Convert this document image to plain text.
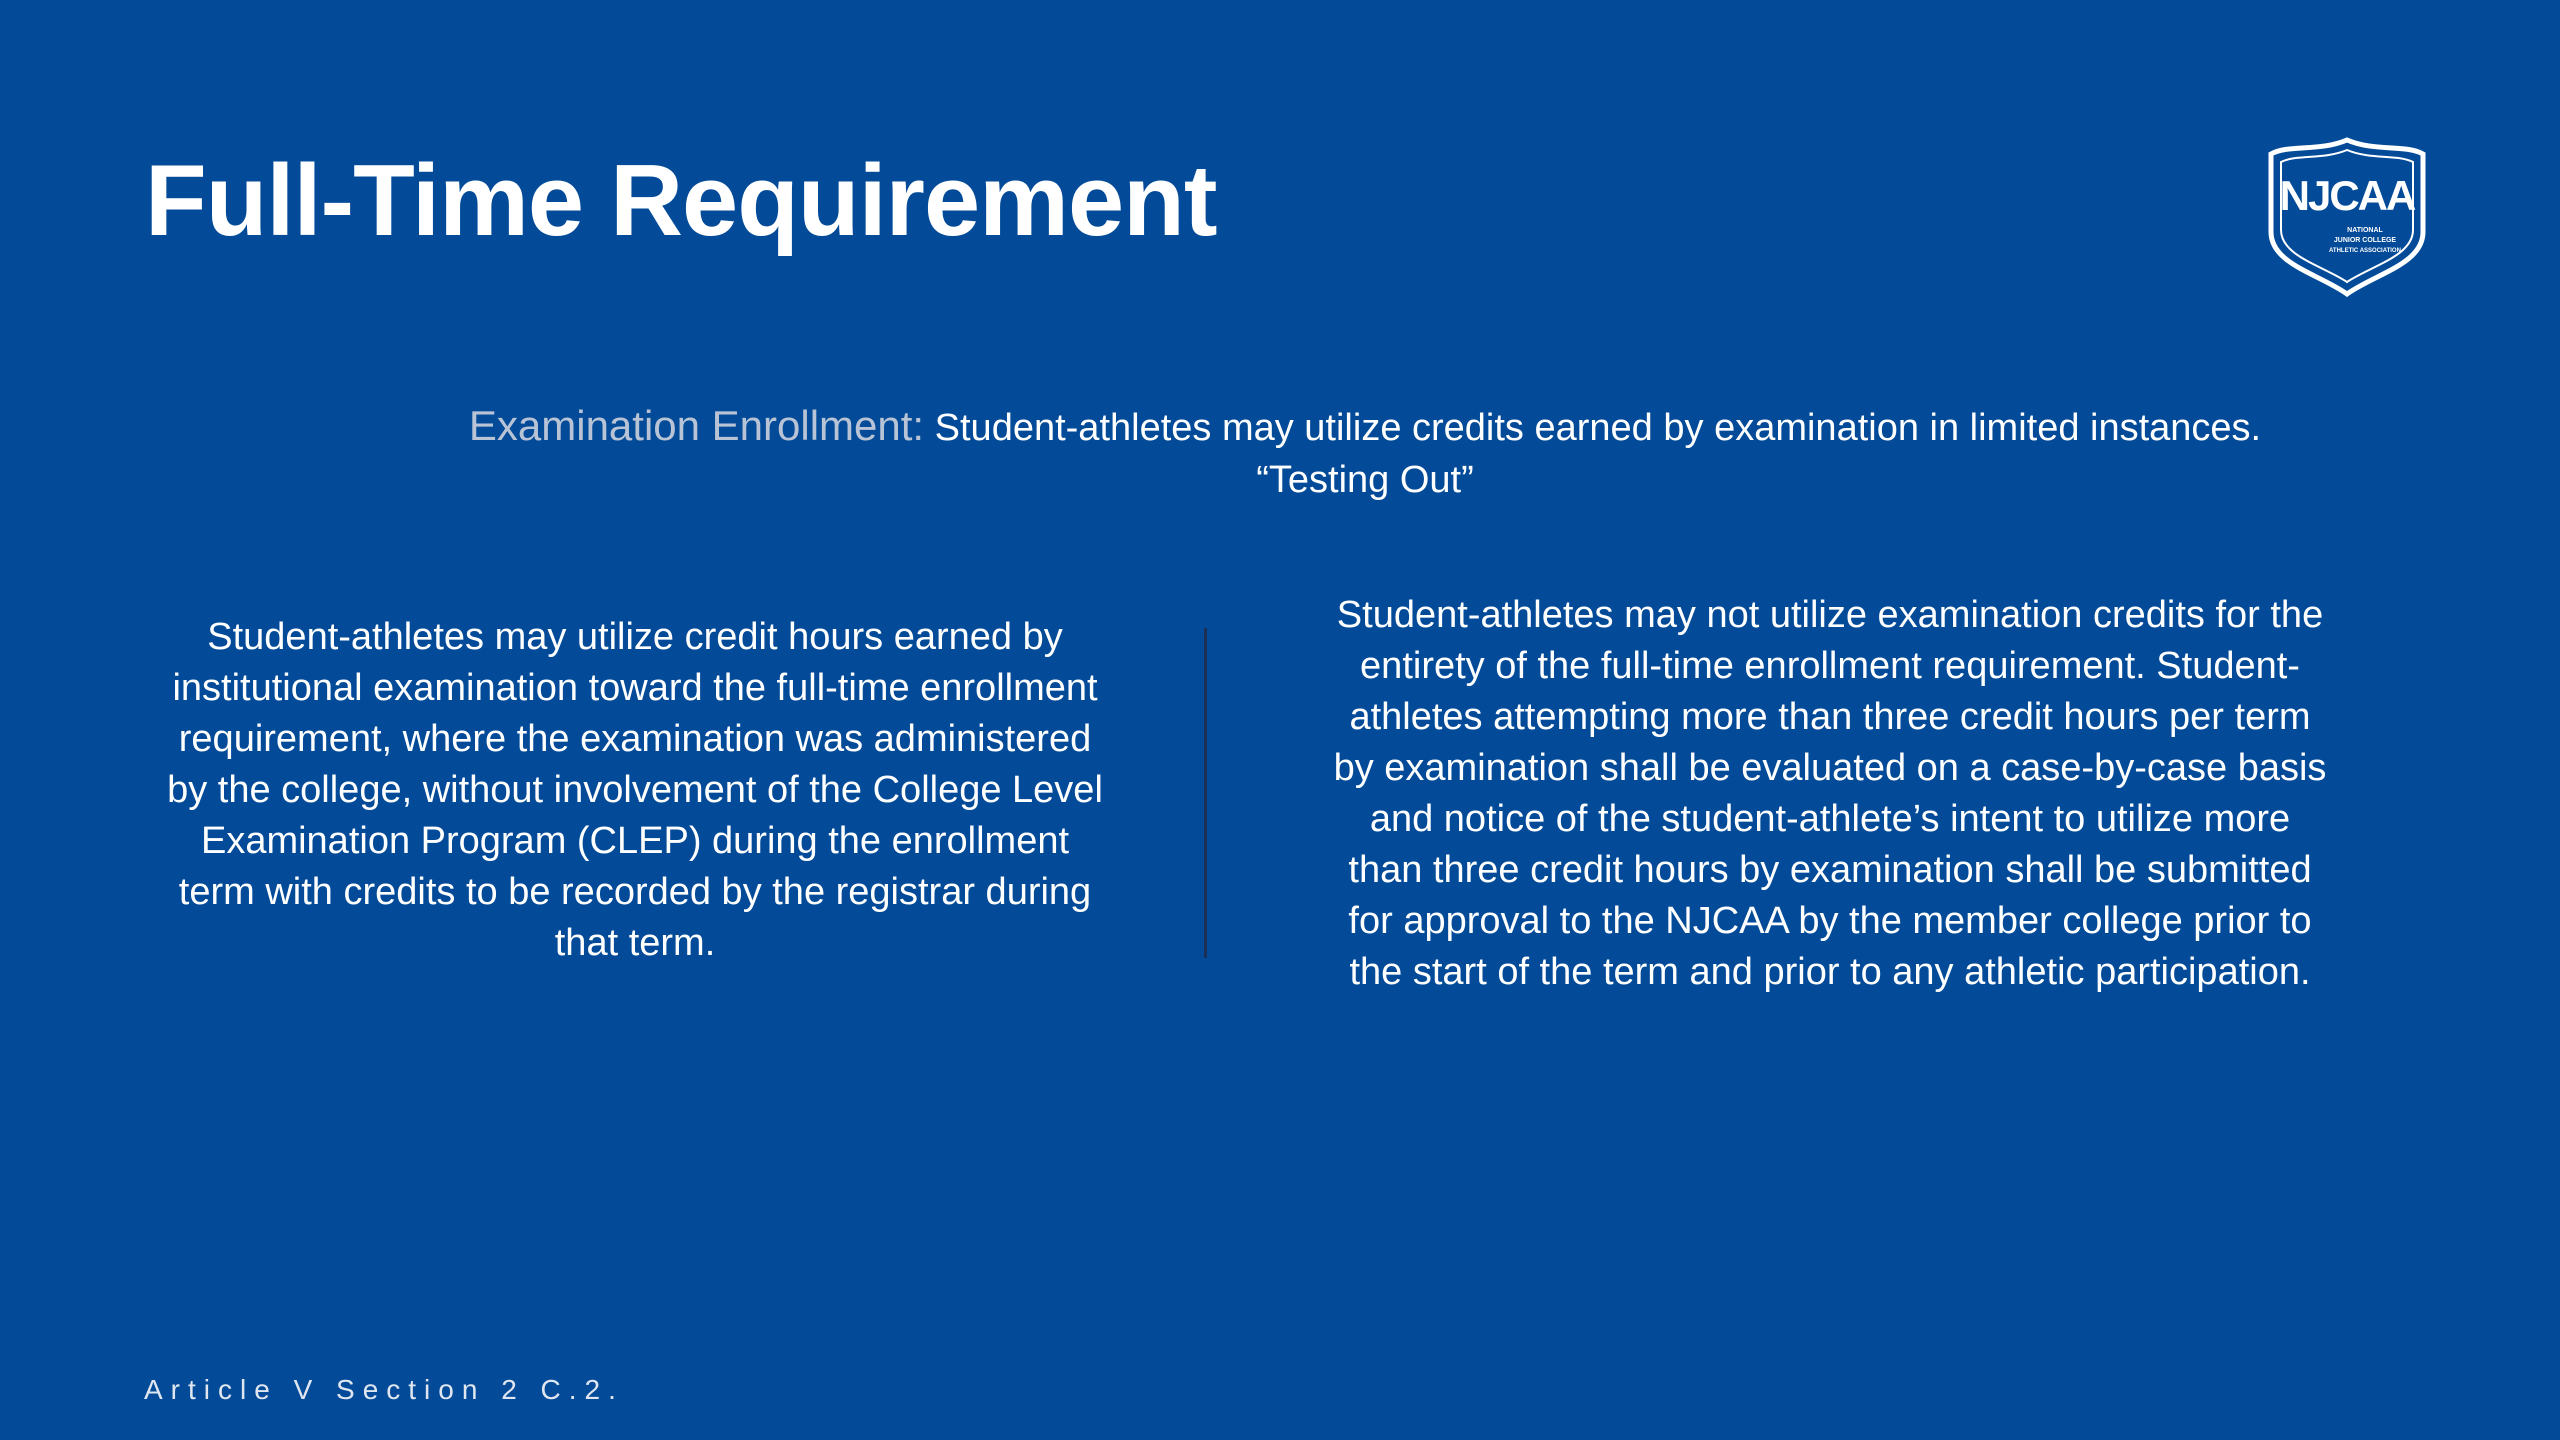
Full-Time Requirement	NJCAA
NATIONAL
JUNIOR COLLEGE
ATHLETIC ASSOCIATION
Examination Enrollment: Student-athletes may utilize credits earned by examination in limited instances.
“Testing Out”
Student-athletes may utilize credit hours earned by institutional examination toward the full-time enrollment requirement, where the examination was administered by the college, without involvement of the College Level Examination Program (CLEP) during the enrollment term with credits to be recorded by the registrar during that term.
Student-athletes may not utilize examination credits for the entirety of the full-time enrollment requirement. Student-athletes attempting more than three credit hours per term by examination shall be evaluated on a case-by-case basis and notice of the student-athlete’s intent to utilize more than three credit hours by examination shall be submitted for approval to the NJCAA by the member college prior to the start of the term and prior to any athletic participation.
Article V Section 2 C.2.
